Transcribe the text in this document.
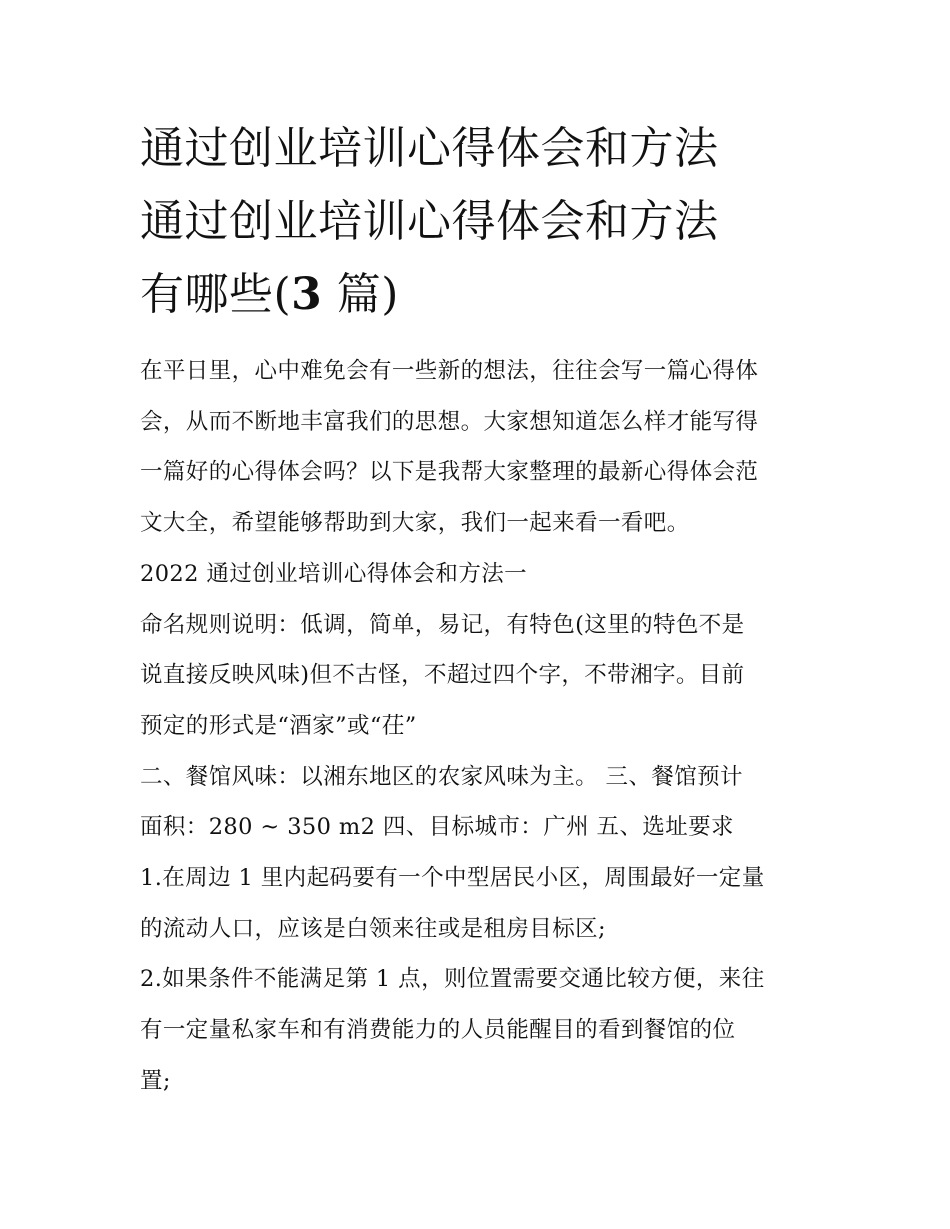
通过创业培训心得体会和方法
通过创业培训心得体会和方法
有哪些(3 篇)

在平日里，心中难免会有一些新的想法，往往会写一篇心得体
会，从而不断地丰富我们的思想。大家想知道怎么样才能写得
一篇好的心得体会吗？以下是我帮大家整理的最新心得体会范
文大全，希望能够帮助到大家，我们一起来看一看吧。

2022 通过创业培训心得体会和方法一

命名规则说明：低调，简单，易记，有特色(这里的特色不是
说直接反映风味)但不古怪，不超过四个字，不带湘字。目前
预定的形式是“酒家”或“茌”

二、餐馆风味：以湘东地区的农家风味为主。 三、餐馆预计
面积：280 ~ 350 m2 四、目标城市：广州 五、选址要求

1.在周边 1 里内起码要有一个中型居民小区，周围最好一定量
的流动人口，应该是白领来往或是租房目标区;

2.如果条件不能满足第 1 点，则位置需要交通比较方便，来往
有一定量私家车和有消费能力的人员能醒目的看到餐馆的位
置;
